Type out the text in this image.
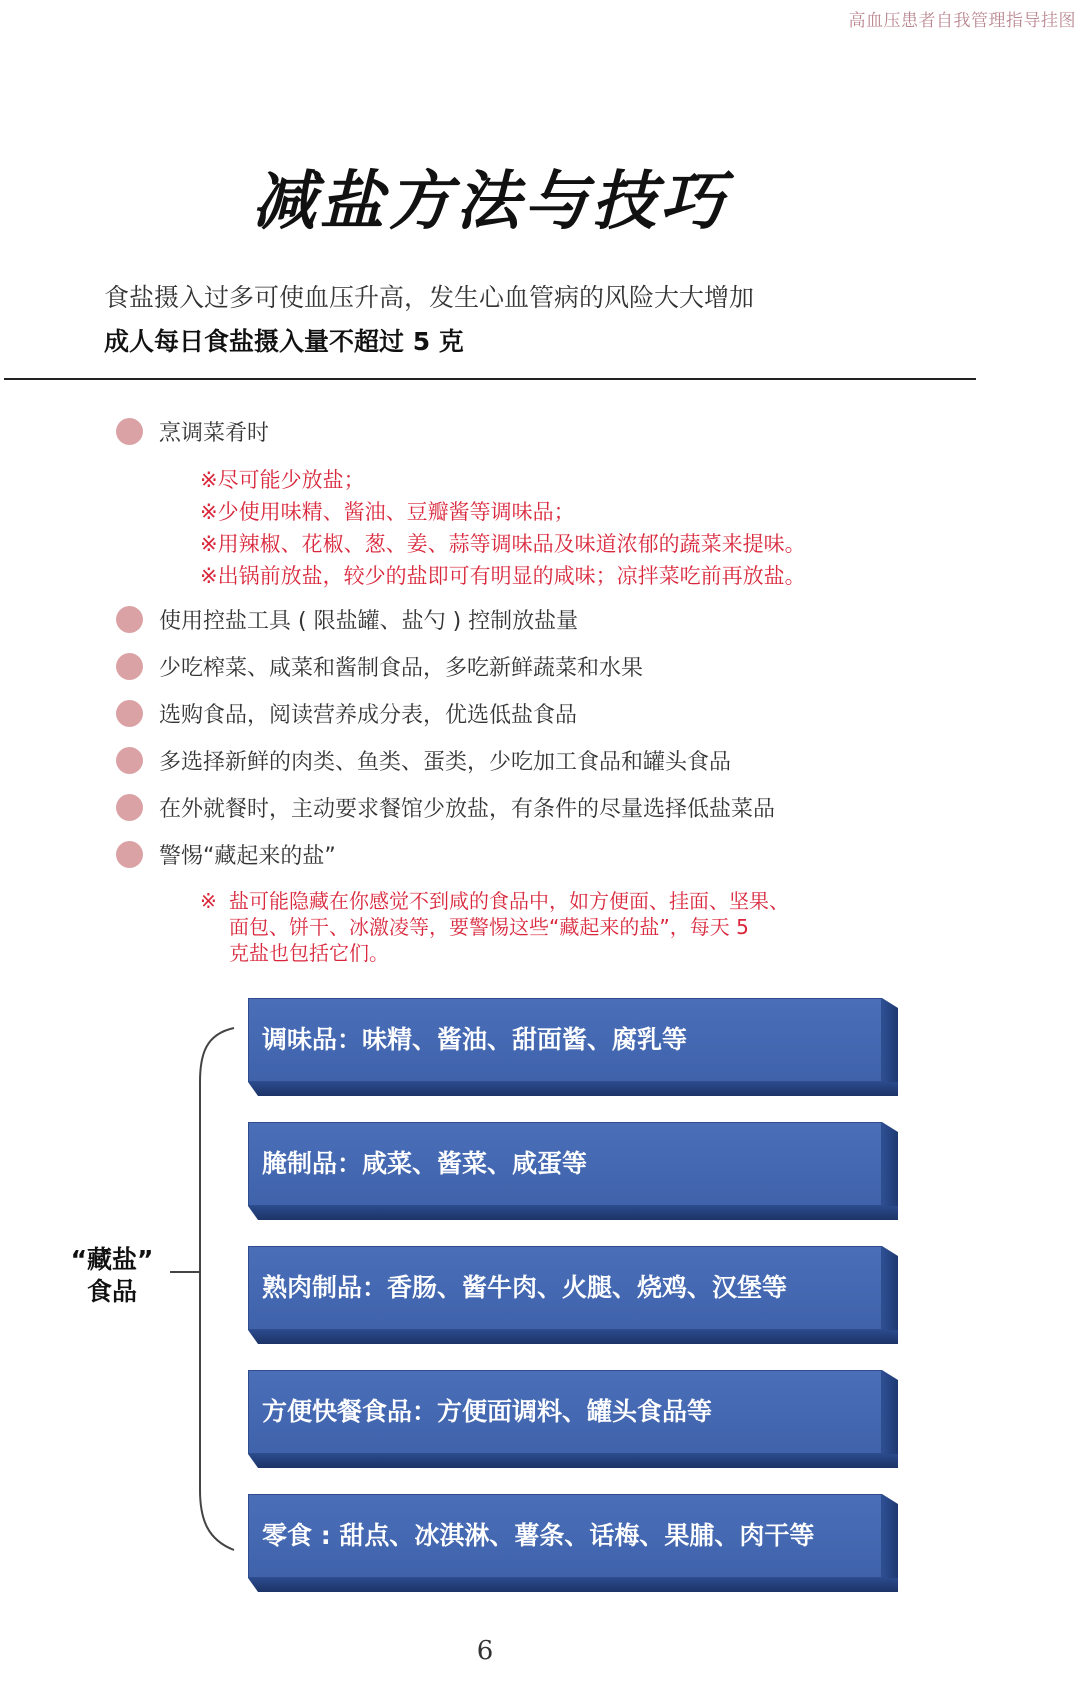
高血压患者自我管理指导挂图
减盐方法与技巧
食盐摄入过多可使血压升高，发生心血管病的风险大大增加
成人每日食盐摄入量不超过 5 克
烹调菜肴时
※尽可能少放盐；
※少使用味精、酱油、豆瓣酱等调味品；
※用辣椒、花椒、葱、姜、蒜等调味品及味道浓郁的蔬菜来提味。
※出锅前放盐，较少的盐即可有明显的咸味；凉拌菜吃前再放盐。
使用控盐工具 ( 限盐罐、盐勺 ) 控制放盐量
少吃榨菜、咸菜和酱制食品，多吃新鲜蔬菜和水果
选购食品，阅读营养成分表，优选低盐食品
多选择新鲜的肉类、鱼类、蛋类，少吃加工食品和罐头食品
在外就餐时，主动要求餐馆少放盐，有条件的尽量选择低盐菜品
警惕“藏起来的盐”
※ 盐可能隐藏在你感觉不到咸的食品中，如方便面、挂面、坚果、
面包、饼干、冰激凌等，要警惕这些“藏起来的盐”，每天 5
克盐也包括它们。
“藏盐”
食品
调味品：味精、酱油、甜面酱、腐乳等
腌制品：咸菜、酱菜、咸蛋等
熟肉制品：香肠、酱牛肉、火腿、烧鸡、汉堡等
方便快餐食品：方便面调料、罐头食品等
零食 : 甜点、冰淇淋、薯条、话梅、果脯、肉干等
6
